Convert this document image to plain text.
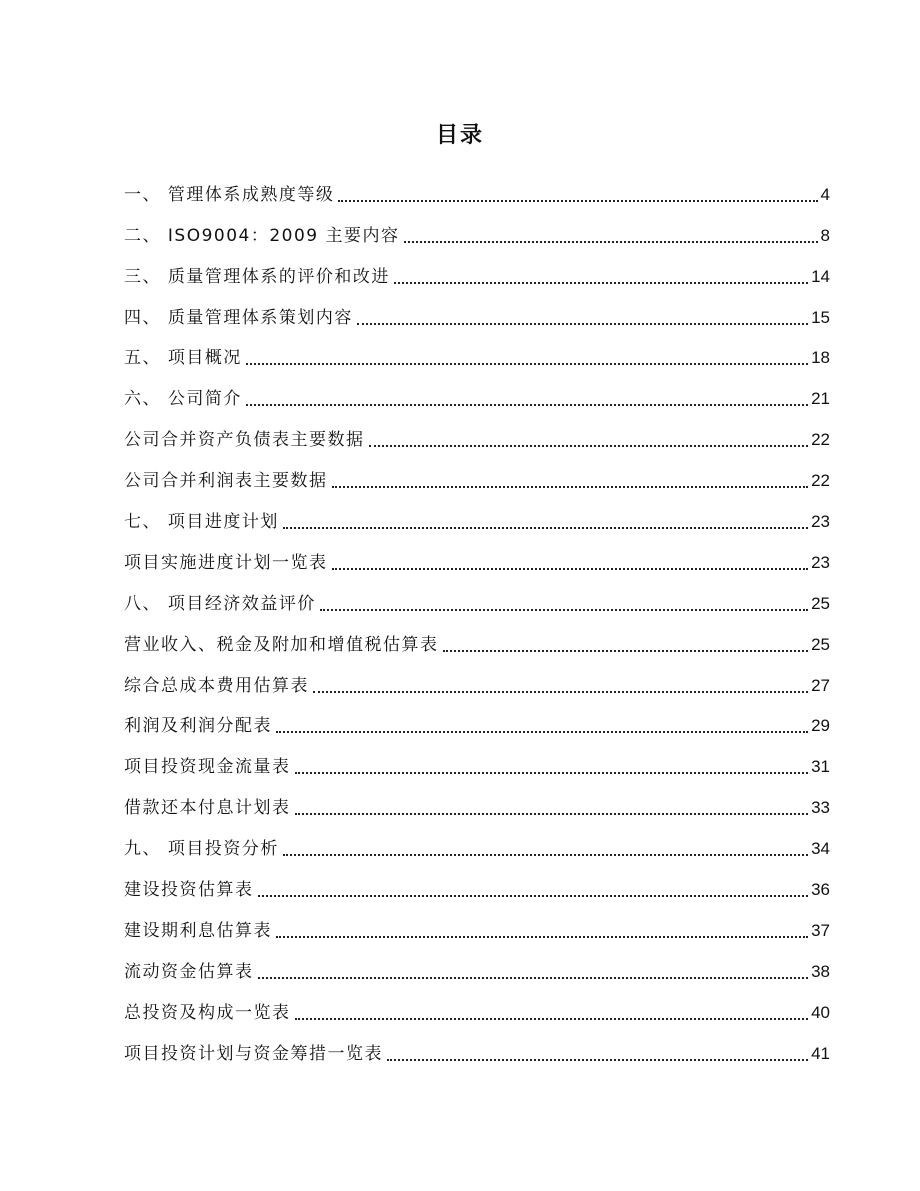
目录
一、 管理体系成熟度等级	4
二、 ISO9004：2009 主要内容	8
三、 质量管理体系的评价和改进	14
四、 质量管理体系策划内容	15
五、 项目概况	18
六、 公司简介	21
公司合并资产负债表主要数据	22
公司合并利润表主要数据	22
七、 项目进度计划	23
项目实施进度计划一览表	23
八、 项目经济效益评价	25
营业收入、税金及附加和增值税估算表	25
综合总成本费用估算表	27
利润及利润分配表	29
项目投资现金流量表	31
借款还本付息计划表	33
九、 项目投资分析	34
建设投资估算表	36
建设期利息估算表	37
流动资金估算表	38
总投资及构成一览表	40
项目投资计划与资金筹措一览表	41
